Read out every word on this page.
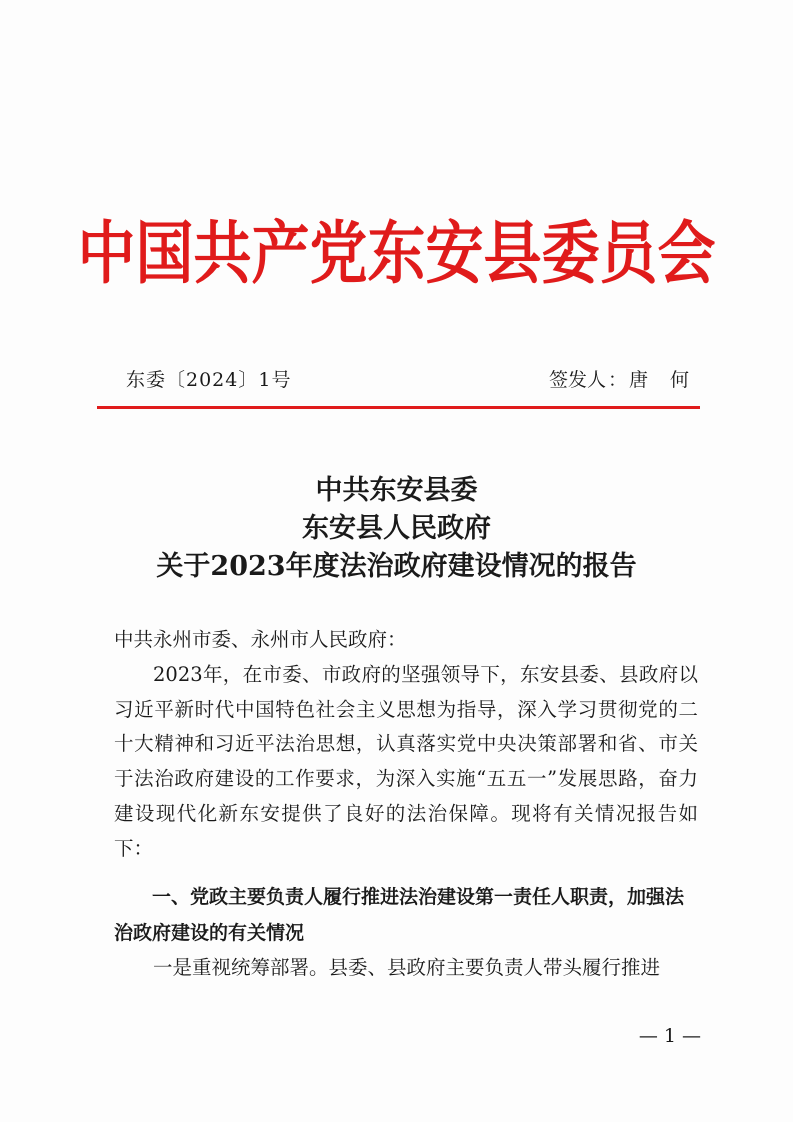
中国共产党东安县委员会
东委〔2024〕1号	签发人 ： 唐 何
中共东安县委
东安县人民政府
关于2023年度法治政府建设情况的报告
中共永州市委、永州市人民政府：

2023年，在市委、市政府的坚强领导下，东安县委、县政府以习近平新时代中国特色社会主义思想为指导，深入学习贯彻党的二十大精神和习近平法治思想，认真落实党中央决策部署和省、市关于法治政府建设的工作要求，为深入实施“五五一”发展思路，奋力建设现代化新东安提供了良好的法治保障。现将有关情况报告如下：

一、党政主要负责人履行推进法治建设第一责任人职责，加强法治政府建设的有关情况

一是重视统筹部署。县委、县政府主要负责人带头履行推进

— 1 —
